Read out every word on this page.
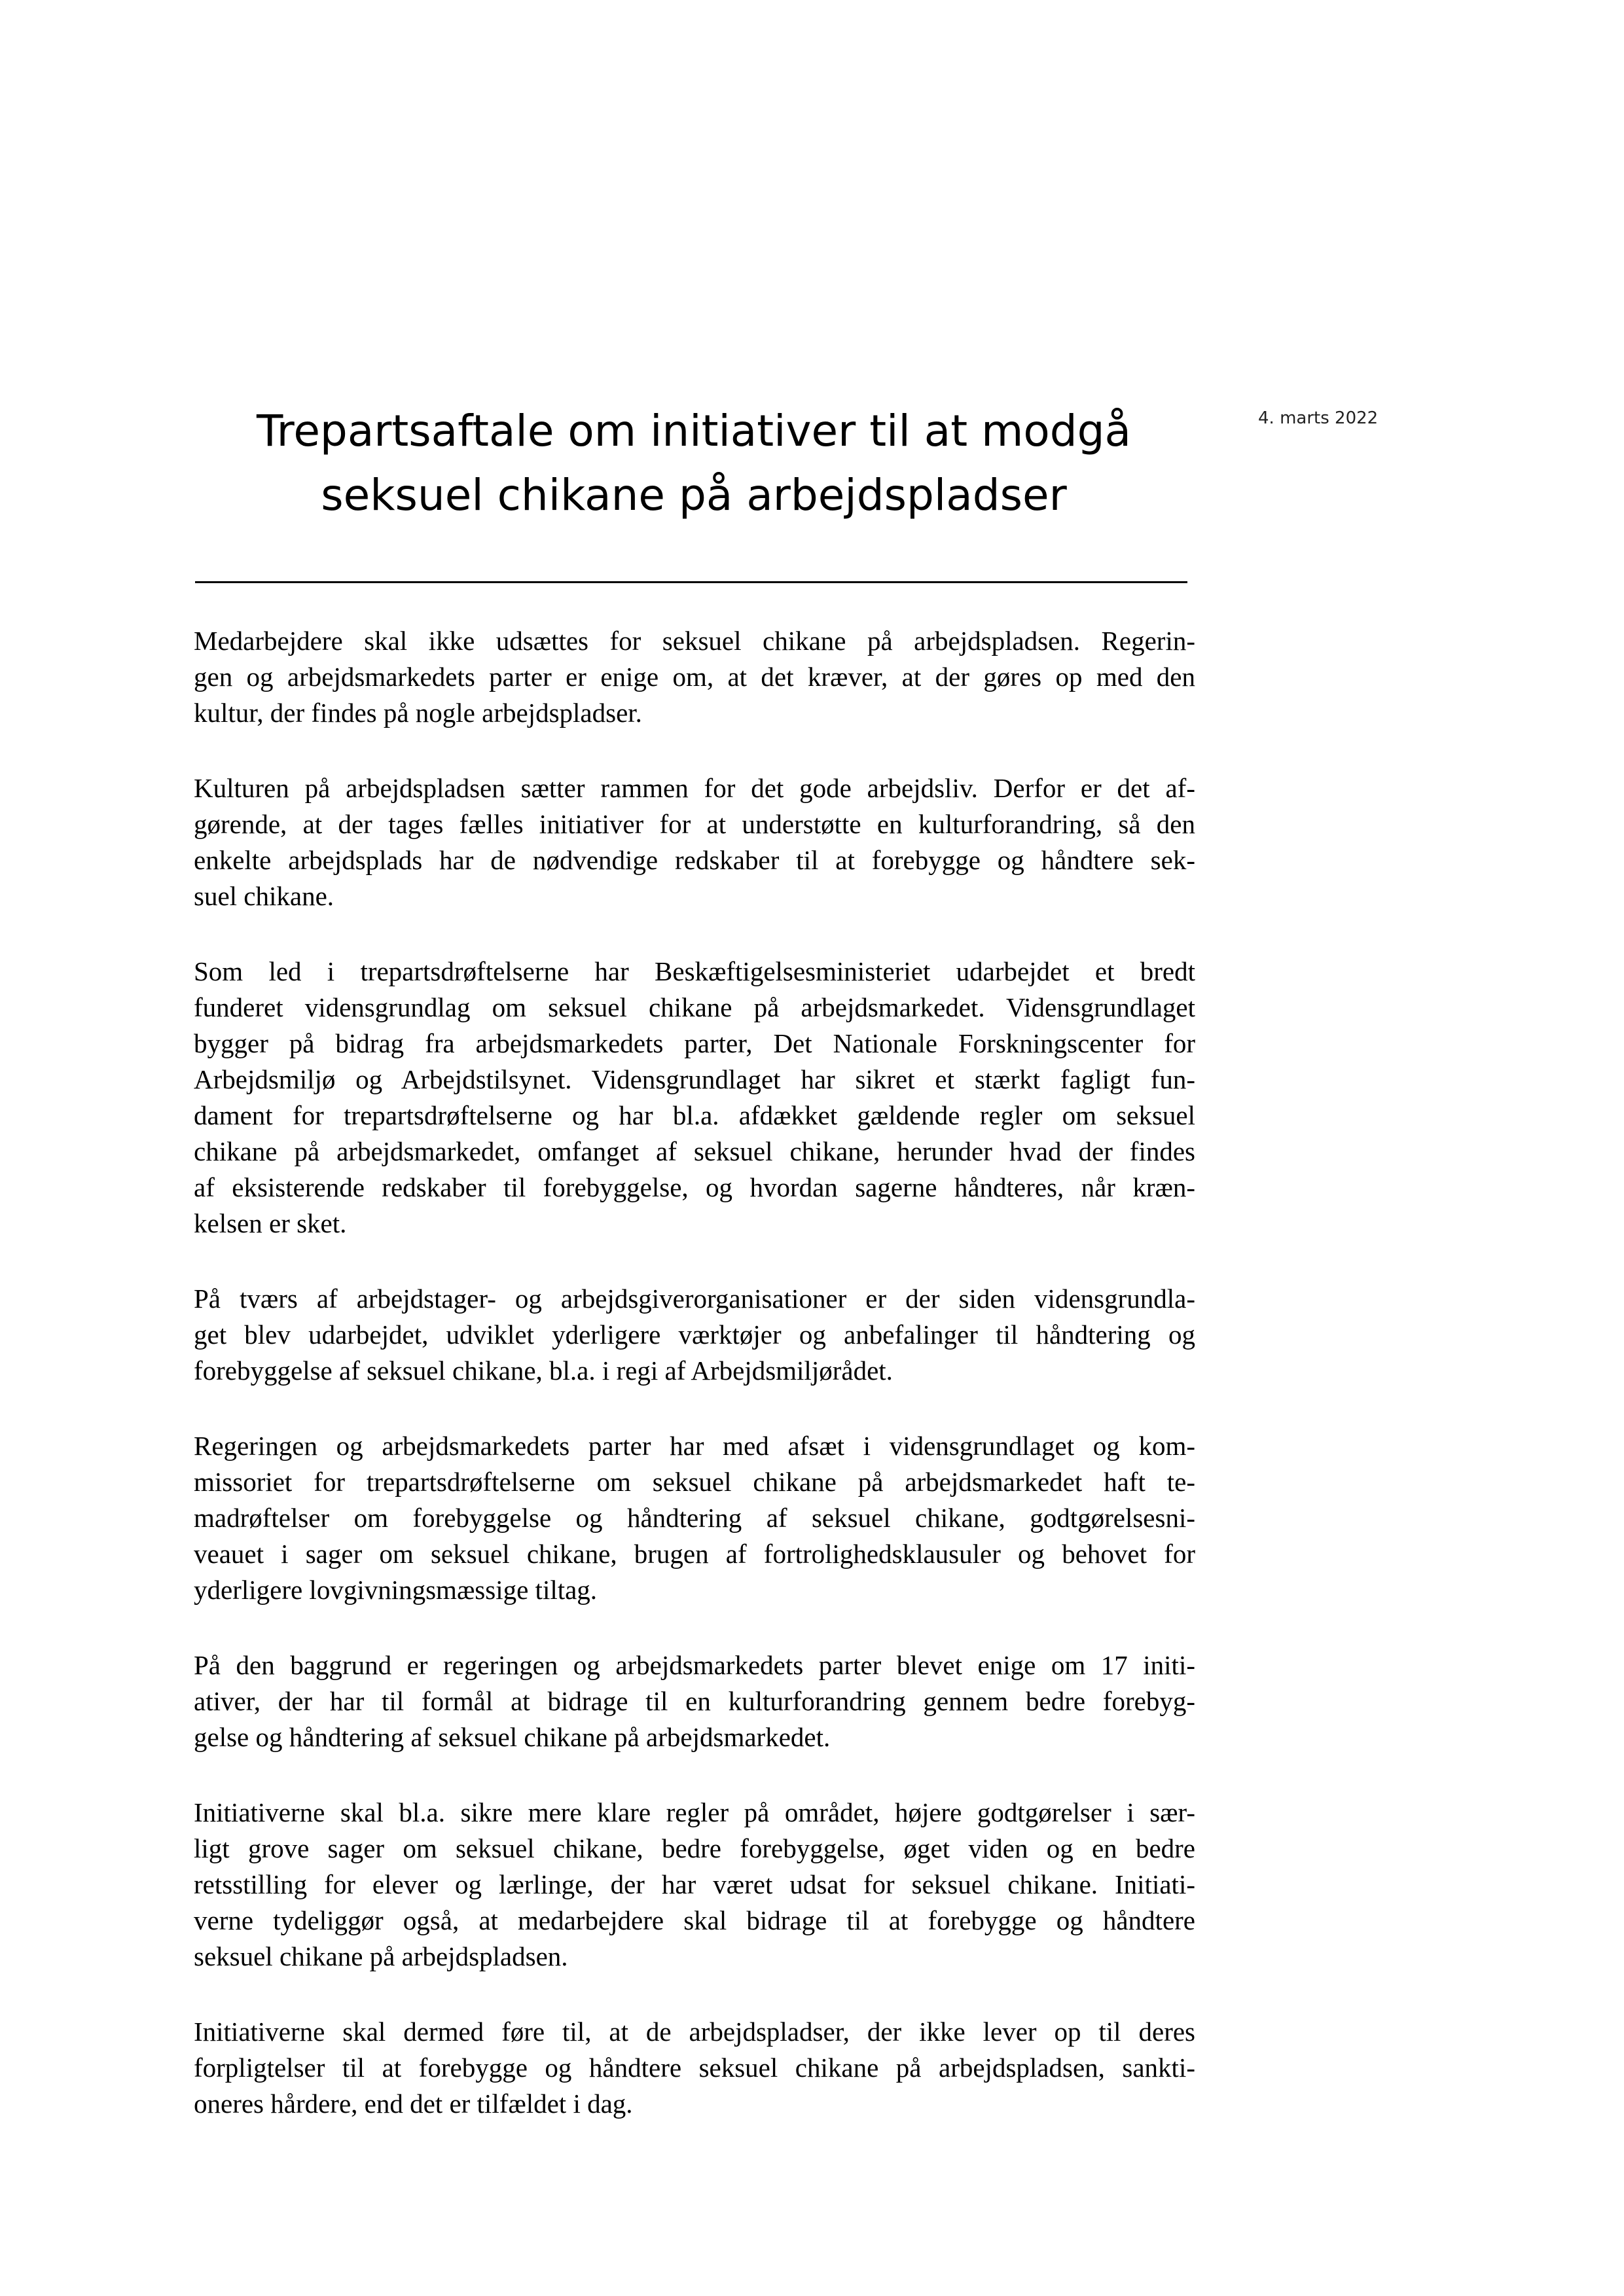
Trepartsaftale om initiativer til at modgå
seksuel chikane på arbejdspladser
4. marts 2022

Medarbejdere skal ikke udsættes for seksuel chikane på arbejdspladsen. Regerin-
gen og arbejdsmarkedets parter er enige om, at det kræver, at der gøres op med den
kultur, der findes på nogle arbejdspladser.

Kulturen på arbejdspladsen sætter rammen for det gode arbejdsliv. Derfor er det af-
gørende, at der tages fælles initiativer for at understøtte en kulturforandring, så den
enkelte arbejdsplads har de nødvendige redskaber til at forebygge og håndtere sek-
suel chikane.

Som led i trepartsdrøftelserne har Beskæftigelsesministeriet udarbejdet et bredt
funderet vidensgrundlag om seksuel chikane på arbejdsmarkedet. Vidensgrundlaget
bygger på bidrag fra arbejdsmarkedets parter, Det Nationale Forskningscenter for
Arbejdsmiljø og Arbejdstilsynet. Vidensgrundlaget har sikret et stærkt fagligt fun-
dament for trepartsdrøftelserne og har bl.a. afdækket gældende regler om seksuel
chikane på arbejdsmarkedet, omfanget af seksuel chikane, herunder hvad der findes
af eksisterende redskaber til forebyggelse, og hvordan sagerne håndteres, når kræn-
kelsen er sket.

På tværs af arbejdstager- og arbejdsgiverorganisationer er der siden vidensgrundla-
get blev udarbejdet, udviklet yderligere værktøjer og anbefalinger til håndtering og
forebyggelse af seksuel chikane, bl.a. i regi af Arbejdsmiljørådet.

Regeringen og arbejdsmarkedets parter har med afsæt i vidensgrundlaget og kom-
missoriet for trepartsdrøftelserne om seksuel chikane på arbejdsmarkedet haft te-
madrøftelser om forebyggelse og håndtering af seksuel chikane, godtgørelsesni-
veauet i sager om seksuel chikane, brugen af fortrolighedsklausuler og behovet for
yderligere lovgivningsmæssige tiltag.

På den baggrund er regeringen og arbejdsmarkedets parter blevet enige om 17 initi-
ativer, der har til formål at bidrage til en kulturforandring gennem bedre forebyg-
gelse og håndtering af seksuel chikane på arbejdsmarkedet.

Initiativerne skal bl.a. sikre mere klare regler på området, højere godtgørelser i sær-
ligt grove sager om seksuel chikane, bedre forebyggelse, øget viden og en bedre
retsstilling for elever og lærlinge, der har været udsat for seksuel chikane. Initiati-
verne tydeliggør også, at medarbejdere skal bidrage til at forebygge og håndtere
seksuel chikane på arbejdspladsen.

Initiativerne skal dermed føre til, at de arbejdspladser, der ikke lever op til deres
forpligtelser til at forebygge og håndtere seksuel chikane på arbejdspladsen, sankti-
oneres hårdere, end det er tilfældet i dag.
